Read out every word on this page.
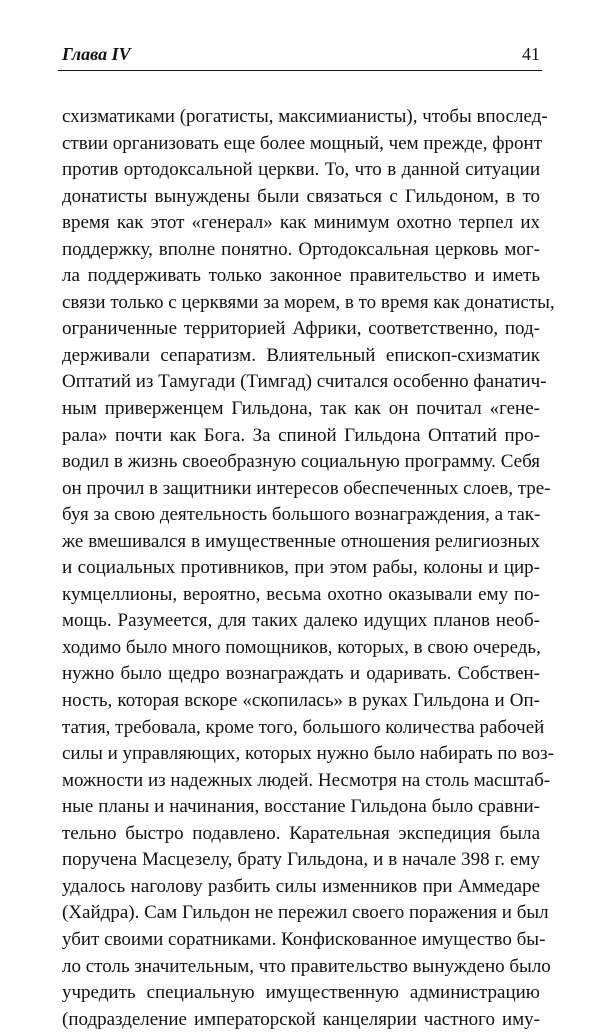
Глава IV	41
схизматиками (рогатисты, максимианисты), чтобы впослед-
ствии организовать еще более мощный, чем прежде, фронт
против ортодоксальной церкви. То, что в данной ситуации
донатисты вынуждены были связаться с Гильдоном, в то
время как этот «генерал» как минимум охотно терпел их
поддержку, вполне понятно. Ортодоксальная церковь мог-
ла поддерживать только законное правительство и иметь
связи только с церквями за морем, в то время как донатисты,
ограниченные территорией Африки, соответственно, под-
держивали сепаратизм. Влиятельный епископ-схизматик
Оптатий из Тамугади (Тимгад) считался особенно фанатич-
ным приверженцем Гильдона, так как он почитал «гене-
рала» почти как Бога. За спиной Гильдона Оптатий про-
водил в жизнь своеобразную социальную программу. Себя
он прочил в защитники интересов обеспеченных слоев, тре-
буя за свою деятельность большого вознаграждения, а так-
же вмешивался в имущественные отношения религиозных
и социальных противников, при этом рабы, колоны и цир-
кумцеллионы, вероятно, весьма охотно оказывали ему по-
мощь. Разумеется, для таких далеко идущих планов необ-
ходимо было много помощников, которых, в свою очередь,
нужно было щедро вознаграждать и одаривать. Собствен-
ность, которая вскоре «скопилась» в руках Гильдона и Оп-
татия, требовала, кроме того, большого количества рабочей
силы и управляющих, которых нужно было набирать по воз-
можности из надежных людей. Несмотря на столь масштаб-
ные планы и начинания, восстание Гильдона было сравни-
тельно быстро подавлено. Карательная экспедиция была
поручена Масцезелу, брату Гильдона, и в начале 398 г. ему
удалось наголову разбить силы изменников при Аммедаре
(Хайдра). Сам Гильдон не пережил своего поражения и был
убит своими соратниками. Конфискованное имущество бы-
ло столь значительным, что правительство вынуждено было
учредить специальную имущественную администрацию
(подразделение императорской канцелярии частного иму-
